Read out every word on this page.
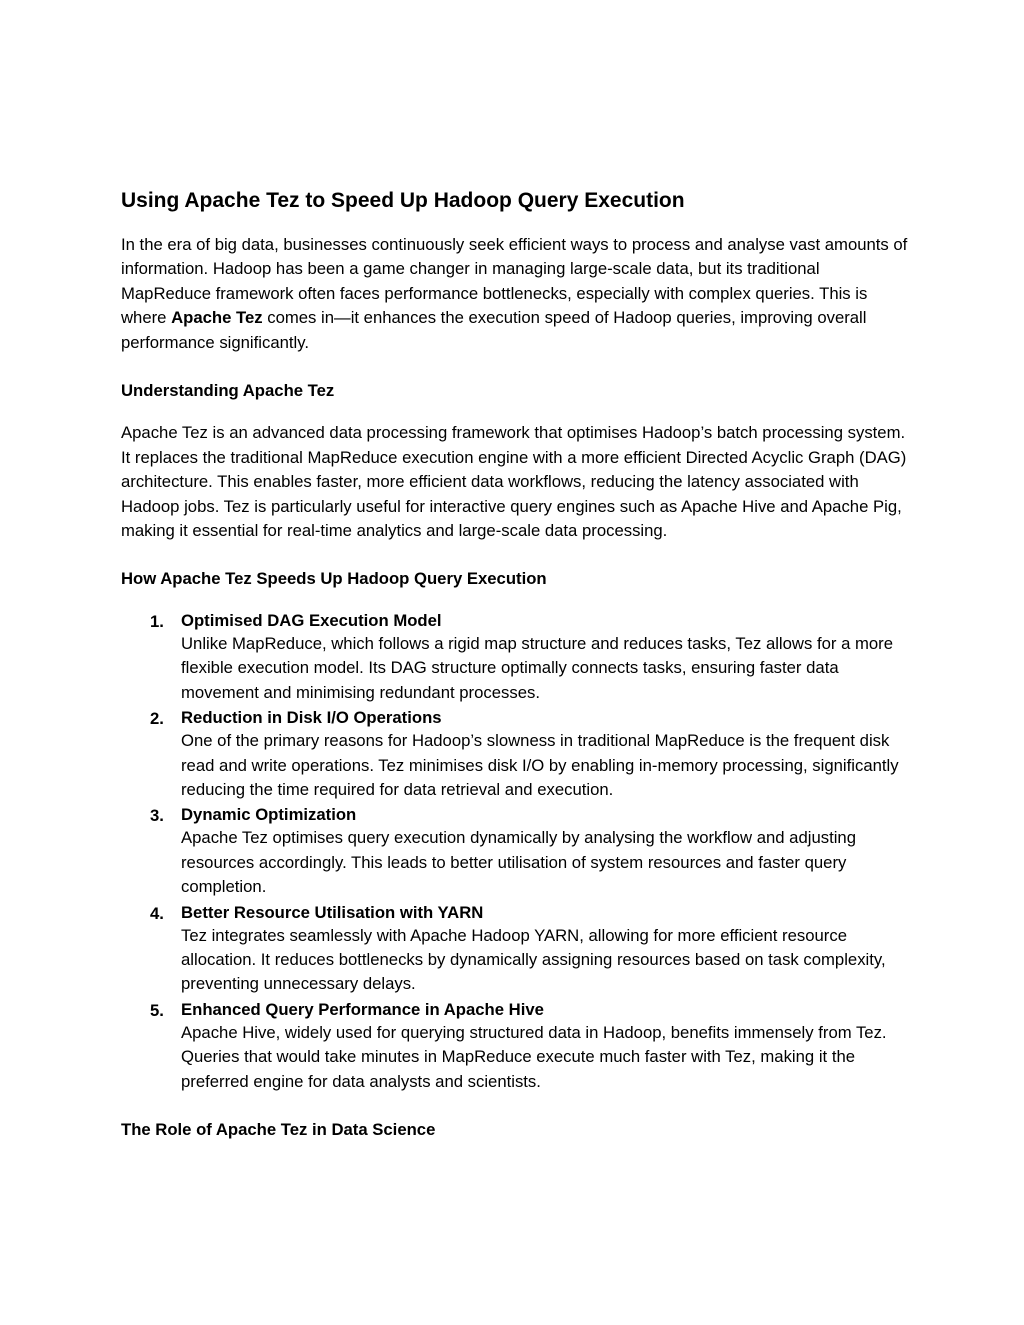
Using Apache Tez to Speed Up Hadoop Query Execution

In the era of big data, businesses continuously seek efficient ways to process and analyse vast amounts of information. Hadoop has been a game changer in managing large-scale data, but its traditional MapReduce framework often faces performance bottlenecks, especially with complex queries. This is where Apache Tez comes in—it enhances the execution speed of Hadoop queries, improving overall performance significantly.

Understanding Apache Tez

Apache Tez is an advanced data processing framework that optimises Hadoop’s batch processing system. It replaces the traditional MapReduce execution engine with a more efficient Directed Acyclic Graph (DAG) architecture. This enables faster, more efficient data workflows, reducing the latency associated with Hadoop jobs. Tez is particularly useful for interactive query engines such as Apache Hive and Apache Pig, making it essential for real-time analytics and large-scale data processing.

How Apache Tez Speeds Up Hadoop Query Execution
1. Optimised DAG Execution Model
Unlike MapReduce, which follows a rigid map structure and reduces tasks, Tez allows for a more flexible execution model. Its DAG structure optimally connects tasks, ensuring faster data movement and minimising redundant processes.
2. Reduction in Disk I/O Operations
One of the primary reasons for Hadoop’s slowness in traditional MapReduce is the frequent disk read and write operations. Tez minimises disk I/O by enabling in-memory processing, significantly reducing the time required for data retrieval and execution.
3. Dynamic Optimization
Apache Tez optimises query execution dynamically by analysing the workflow and adjusting resources accordingly. This leads to better utilisation of system resources and faster query completion.
4. Better Resource Utilisation with YARN
Tez integrates seamlessly with Apache Hadoop YARN, allowing for more efficient resource allocation. It reduces bottlenecks by dynamically assigning resources based on task complexity, preventing unnecessary delays.
5. Enhanced Query Performance in Apache Hive
Apache Hive, widely used for querying structured data in Hadoop, benefits immensely from Tez. Queries that would take minutes in MapReduce execute much faster with Tez, making it the preferred engine for data analysts and scientists.
The Role of Apache Tez in Data Science
